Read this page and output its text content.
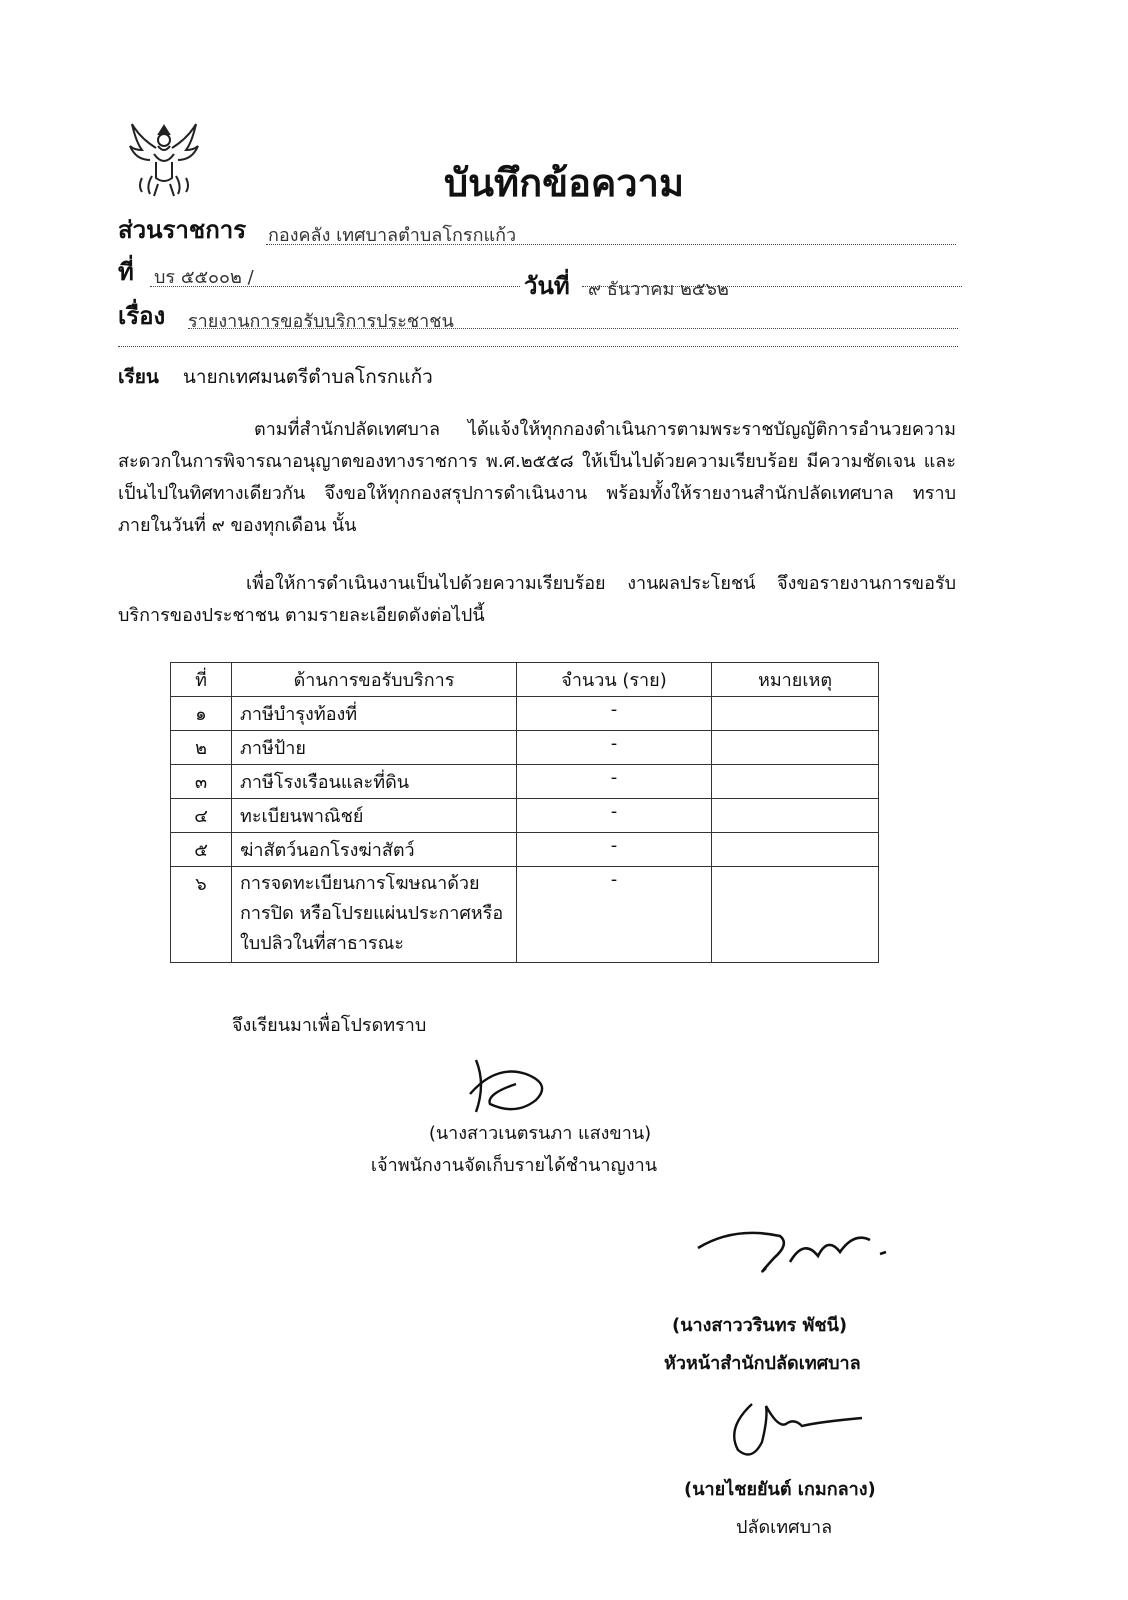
บันทึกข้อความ
ส่วนราชการ กองคลัง เทศบาลตำบลโกรกแก้ว
ที่ บร ๕๕๐๐๒ /	วันที่ ๙ ธันวาคม ๒๕๖๒
เรื่อง รายงานการขอรับบริการประชาชน
เรียน นายกเทศมนตรีตำบลโกรกแก้ว
ตามที่สำนักปลัดเทศบาล ได้แจ้งให้ทุกกองดำเนินการตามพระราชบัญญัติการอำนวยความสะดวกในการพิจารณาอนุญาตของทางราชการ พ.ศ.๒๕๕๘ ให้เป็นไปด้วยความเรียบร้อย มีความชัดเจน และเป็นไปในทิศทางเดียวกัน จึงขอให้ทุกกองสรุปการดำเนินงาน พร้อมทั้งให้รายงานสำนักปลัดเทศบาล ทราบ ภายในวันที่ ๙ ของทุกเดือน นั้น
เพื่อให้การดำเนินงานเป็นไปด้วยความเรียบร้อย งานผลประโยชน์ จึงขอรายงานการขอรับบริการของประชาชน ตามรายละเอียดดังต่อไปนี้
ที่	ด้านการขอรับบริการ	จำนวน (ราย)	หมายเหตุ
๑	ภาษีบำรุงท้องที่	-	
๒	ภาษีป้าย	-	
๓	ภาษีโรงเรือนและที่ดิน	-	
๔	ทะเบียนพาณิชย์	-	
๕	ฆ่าสัตว์นอกโรงฆ่าสัตว์	-	
๖	การจดทะเบียนการโฆษณาด้วยการปิด หรือโปรยแผ่นประกาศหรือใบปลิวในที่สาธารณะ	-	
จึงเรียนมาเพื่อโปรดทราบ
(นางสาวเนตรนภา แสงขาน)
เจ้าพนักงานจัดเก็บรายได้ชำนาญงาน
(นางสาววรินทร พัชนี)
หัวหน้าสำนักปลัดเทศบาล
(นายไชยยันต์ เกมกลาง)
ปลัดเทศบาล
